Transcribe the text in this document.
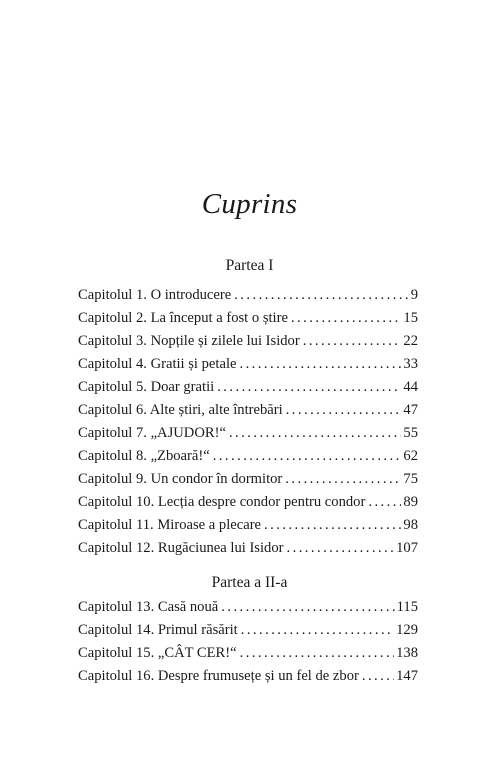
Cuprins
Partea I
Capitolul 1. O introducere . . .	9
Capitolul 2. La început a fost o știre . . .	15
Capitolul 3. Nopțile și zilele lui Isidor . . .	22
Capitolul 4. Gratii și petale . . .	33
Capitolul 5. Doar gratii . . .	44
Capitolul 6. Alte știri, alte întrebări . . .	47
Capitolul 7. „AJUDOR!“ . . .	55
Capitolul 8. „Zboară!“ . . .	62
Capitolul 9. Un condor în dormitor . . .	75
Capitolul 10. Lecția despre condor pentru condor . . .	89
Capitolul 11. Miroase a plecare . . .	98
Capitolul 12. Rugăciunea lui Isidor . . .	107
Partea a II-a
Capitolul 13. Casă nouă . . .	115
Capitolul 14. Primul răsărit . . .	129
Capitolul 15. „CÂT CER!“ . . .	138
Capitolul 16. Despre frumusețe și un fel de zbor . . .	147
